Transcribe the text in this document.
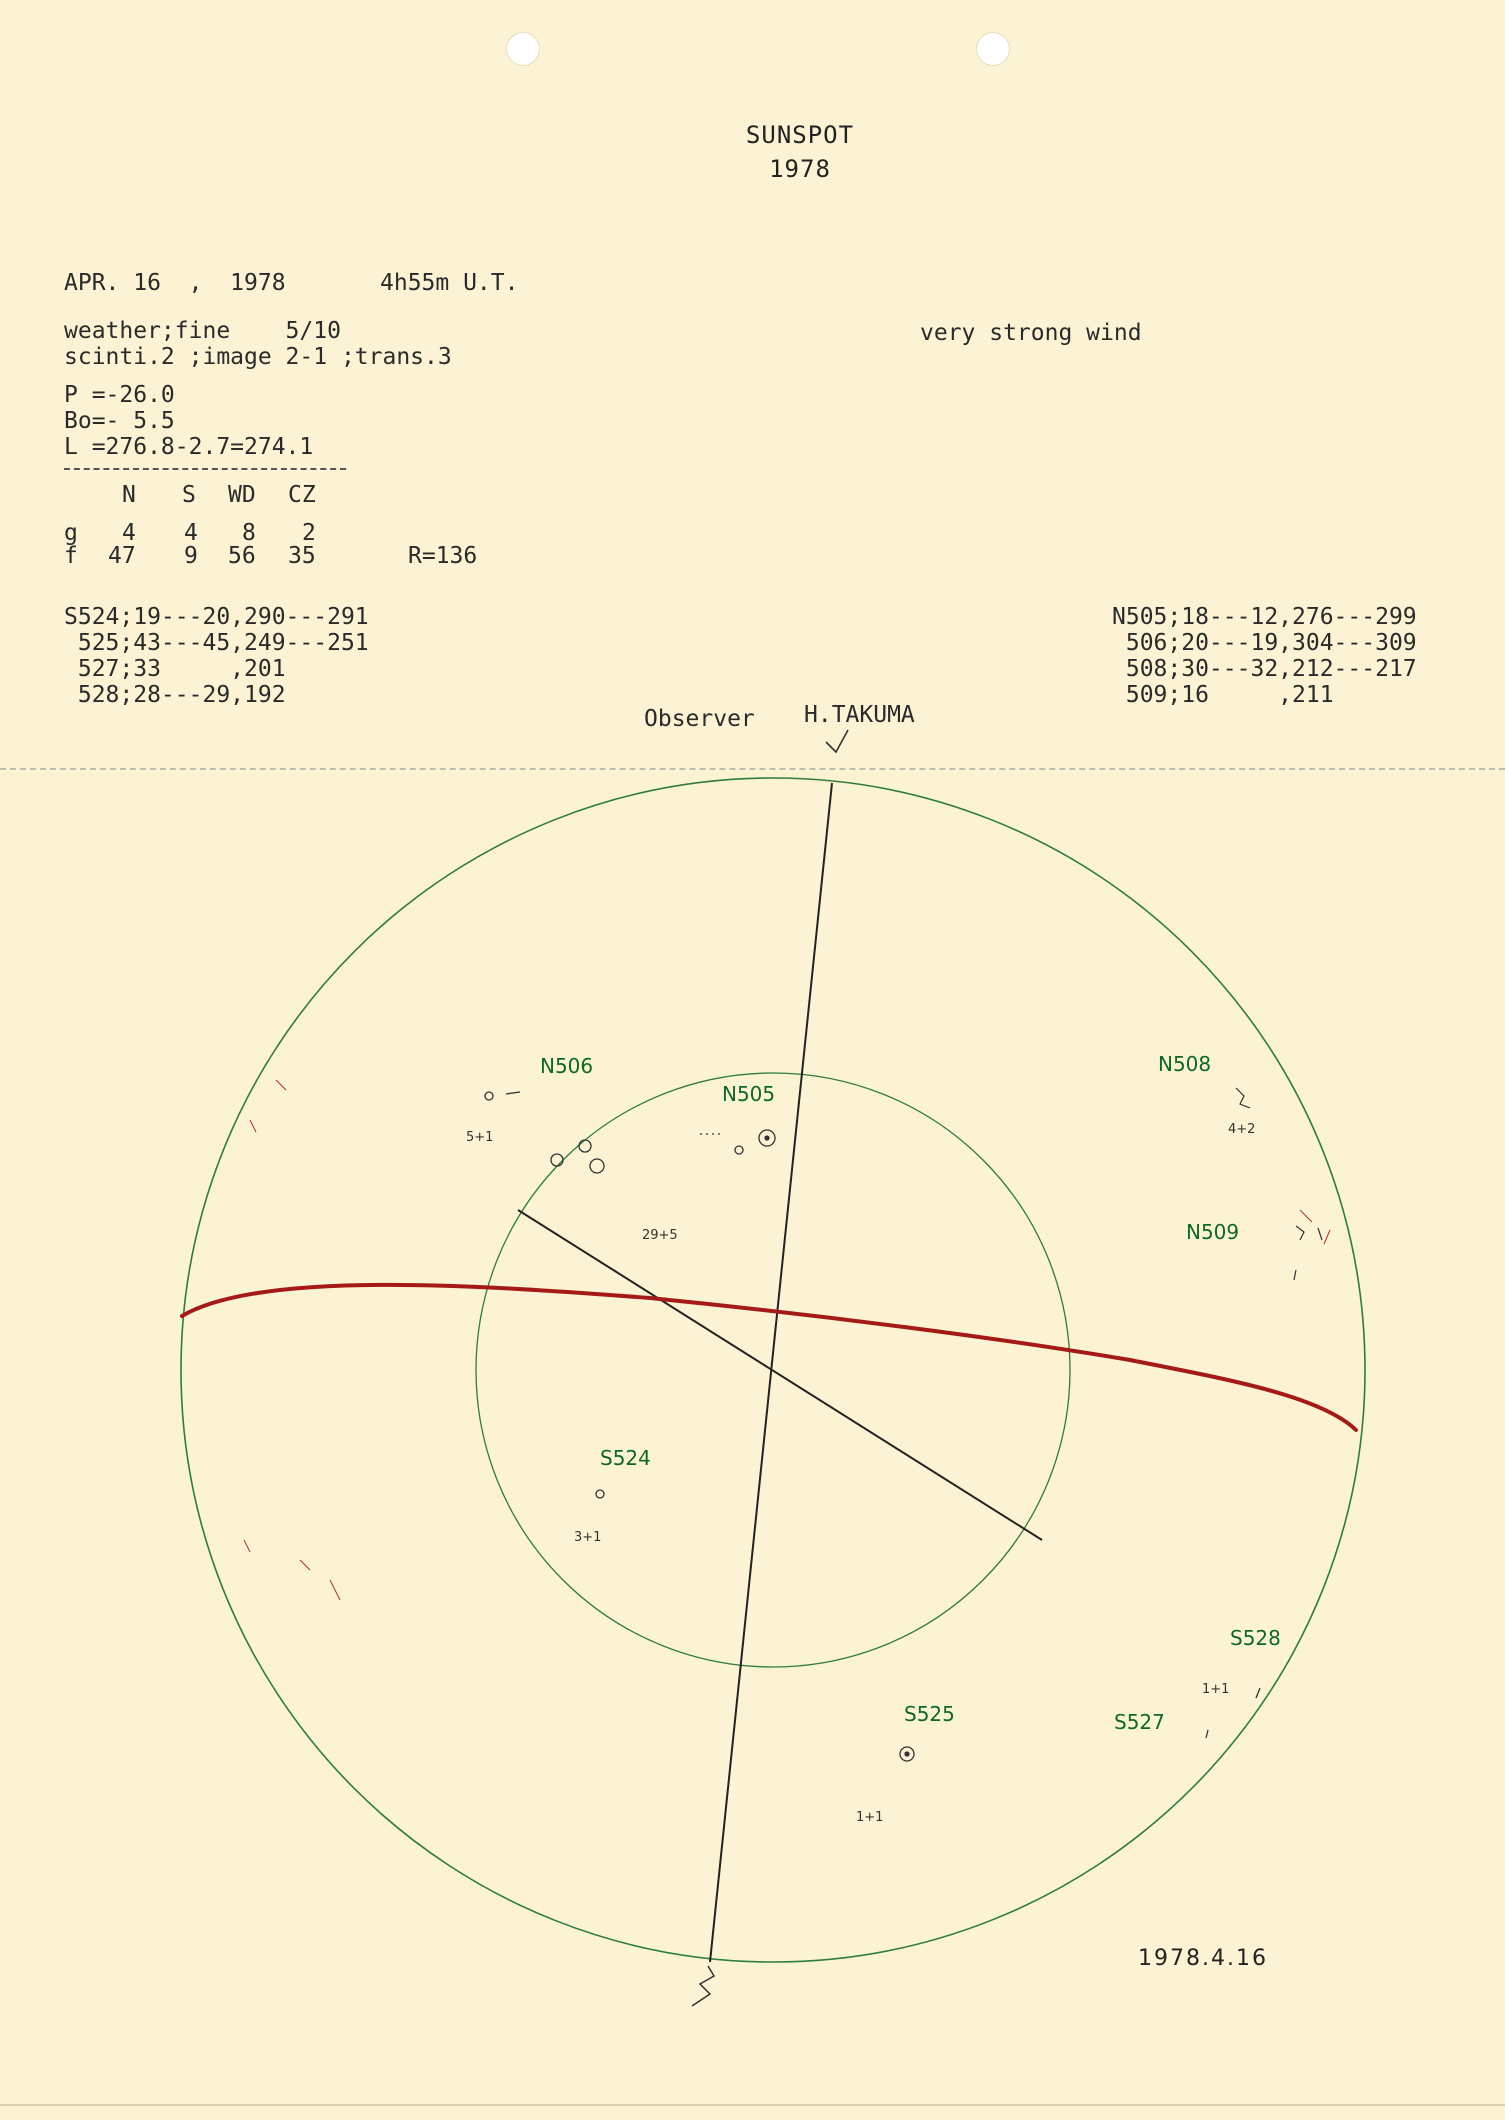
SUNSPOT
1978
APR. 16  ,  1978	4h55m U.T.
weather;fine    5/10
scinti.2 ;image 2-1 ;trans.3
very strong wind
P =-26.0
Bo=- 5.5
L =276.8-2.7=274.1
N S WD CZ
g 4 4 8 2
f 47 9 56 35	R=136
S524;19---20,290---291
525;43---45,249---251
527;33     ,201
528;28---29,192
N505;18---12,276---299
506;20---19,304---309
508;30---32,212---217
509;16     ,211
Observer H.TAKUMA
N506
N505
N508
N509
S524
S525	S527
S528
5+1
29+5
4+2
3+1
1+1
1+1
1978.4.16
